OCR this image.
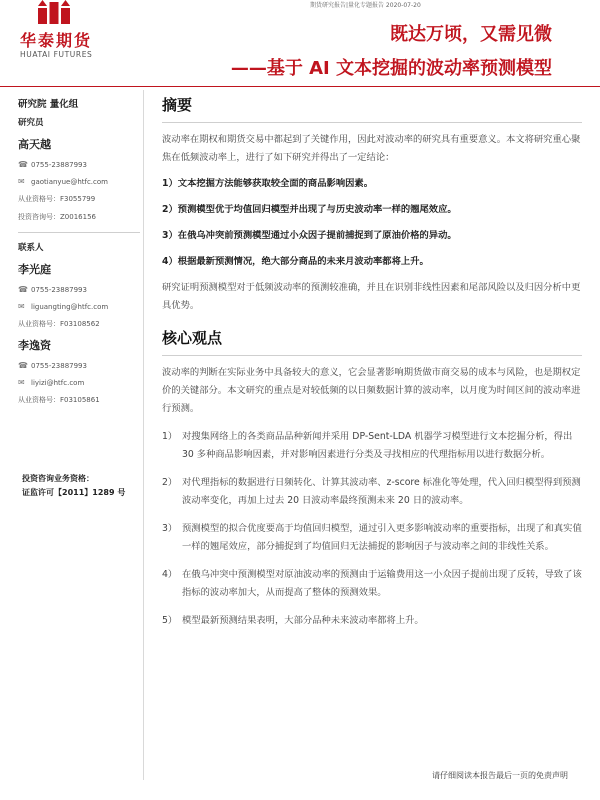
华泰期货
HUATAI FUTURES
期货研究报告|量化专题报告 2020-07-20
既达万顷，又需见微
——基于 AI 文本挖掘的波动率预测模型
研究院 量化组
研究员
高天越
☎ 0755-23887993
✉ gaotianyue@htfc.com
从业资格号：F3055799
投资咨询号：Z0016156
联系人
李光庭
☎ 0755-23887993
✉ liguangting@htfc.com
从业资格号：F03108562
李逸资
☎ 0755-23887993
✉ liyizi@htfc.com
从业资格号：F03105861
投资咨询业务资格：
证监许可【2011】1289 号
摘要
波动率在期权和期货交易中都起到了关键作用，因此对波动率的研究具有重要意义。本文将研究重心聚焦在低频波动率上，进行了如下研究并得出了一定结论：
1）文本挖掘方法能够获取较全面的商品影响因素。
2）预测模型优于均值回归模型并出现了与历史波动率一样的翘尾效应。
3）在俄乌冲突前预测模型通过小众因子提前捕捉到了原油价格的异动。
4）根据最新预测情况，绝大部分商品的未来月波动率都将上升。
研究证明预测模型对于低频波动率的预测较准确，并且在识别非线性因素和尾部风险以及归因分析中更具优势。
核心观点
波动率的判断在实际业务中具备较大的意义，它会显著影响期货做市商交易的成本与风险，也是期权定价的关键部分。本文研究的重点是对较低频的以日频数据计算的波动率，以月度为时间区间的波动率进行预测。
1） 对搜集网络上的各类商品品种新闻并采用 DP-Sent-LDA 机器学习模型进行文本挖掘分析，得出 30 多种商品影响因素，并对影响因素进行分类及寻找相应的代理指标用以进行数据分析。
2） 对代理指标的数据进行日频转化、计算其波动率、z-score 标准化等处理，代入回归模型得到预测波动率变化，再加上过去 20 日波动率最终预测未来 20 日的波动率。
3） 预测模型的拟合优度要高于均值回归模型，通过引入更多影响波动率的重要指标，出现了和真实值一样的翘尾效应，部分捕捉到了均值回归无法捕捉的影响因子与波动率之间的非线性关系。
4） 在俄乌冲突中预测模型对原油波动率的预测由于运输费用这一小众因子提前出现了反转，导致了该指标的波动率加大，从而提高了整体的预测效果。
5） 模型最新预测结果表明，大部分品种未来波动率都将上升。
请仔细阅读本报告最后一页的免责声明
